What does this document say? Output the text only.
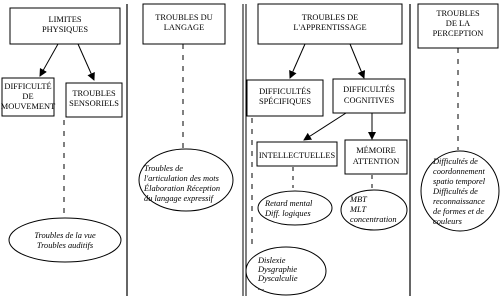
LIMITES
PHYSIQUES
DIFFICULTÉ
DE
MOUVEMENT
TROUBLES
SENSORIELS
Troubles de la vue
Troubles auditifs
TROUBLES DU
LANGAGE
Troubles de
l'articulation des mots
Élaboration Réception
du langage expressif
TROUBLES DE
L'APPRENTISSAGE
DIFFICULTÉS
SPÉCIFIQUES
DIFFICULTÉS
COGNITIVES
INTELLECTUELLES
MÉMOIRE
ATTENTION
Retard mental
Diff. logiques
MBT
MLT
concentration
Dislexie
Dysgraphie
Dyscalculie
...
TROUBLES
DE LA
PERCEPTION
Difficultés de
coordonnement
spatio temporel
Difficultés de
reconnaissance
de formes et de
couleurs
